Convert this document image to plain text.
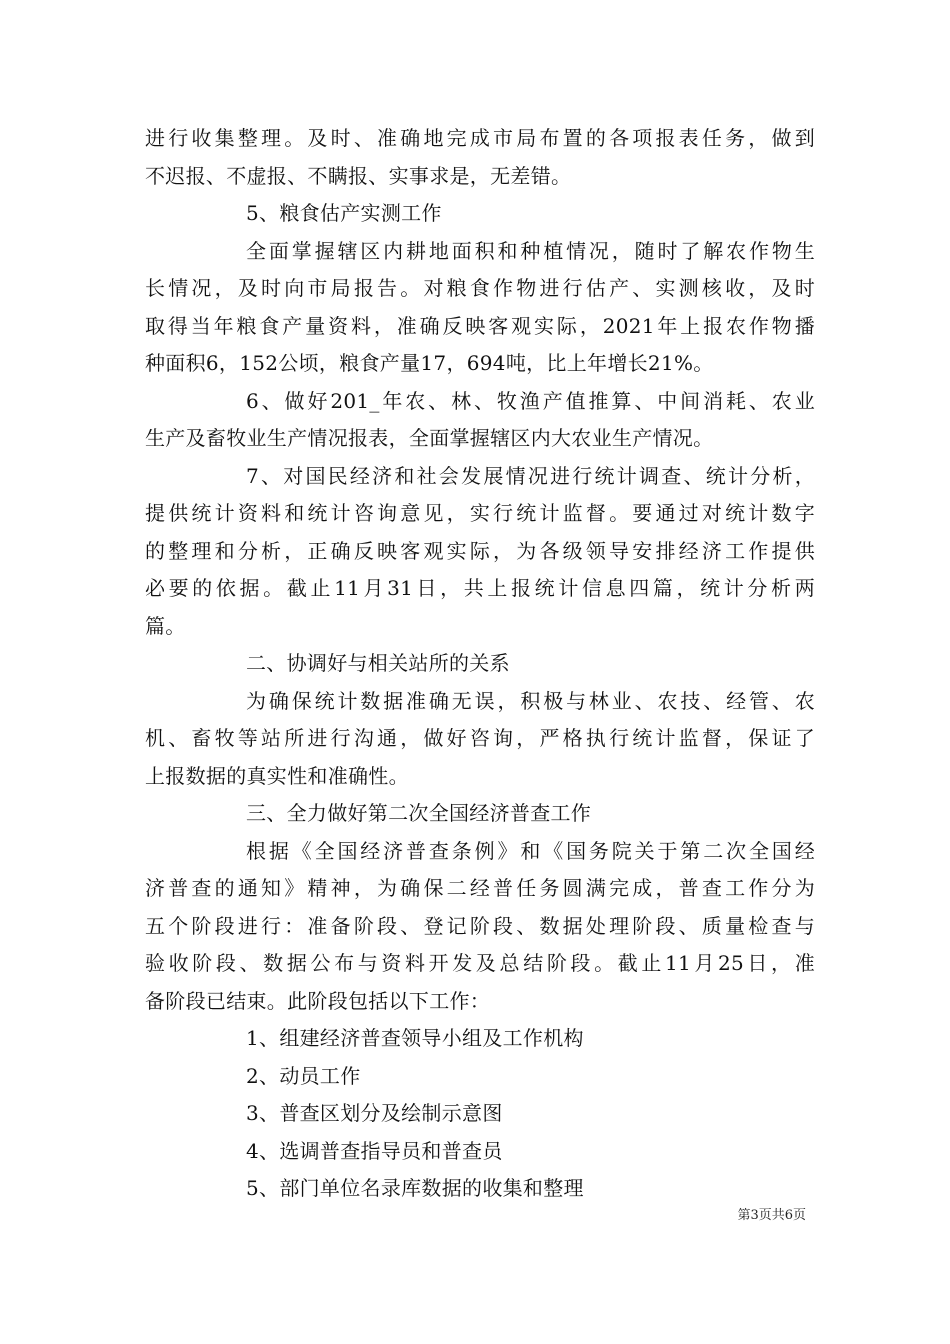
进行收集整理。及时、准确地完成市局布置的各项报表任务，做到
不迟报、不虚报、不瞒报、实事求是，无差错。
5、粮食估产实测工作
全面掌握辖区内耕地面积和种植情况，随时了解农作物生
长情况，及时向市局报告。对粮食作物进行估产、实测核收，及时
取得当年粮食产量资料，准确反映客观实际，2021年上报农作物播
种面积6，152公顷，粮食产量17，694吨，比上年增长21%。
6、做好201_年农、林、牧渔产值推算、中间消耗、农业
生产及畜牧业生产情况报表，全面掌握辖区内大农业生产情况。
7、对国民经济和社会发展情况进行统计调查、统计分析，
提供统计资料和统计咨询意见，实行统计监督。要通过对统计数字
的整理和分析，正确反映客观实际，为各级领导安排经济工作提供
必要的依据。截止11月31日，共上报统计信息四篇，统计分析两
篇。
二、协调好与相关站所的关系
为确保统计数据准确无误，积极与林业、农技、经管、农
机、畜牧等站所进行沟通，做好咨询，严格执行统计监督，保证了
上报数据的真实性和准确性。
三、全力做好第二次全国经济普查工作
根据《全国经济普查条例》和《国务院关于第二次全国经
济普查的通知》精神，为确保二经普任务圆满完成，普查工作分为
五个阶段进行：准备阶段、登记阶段、数据处理阶段、质量检查与
验收阶段、数据公布与资料开发及总结阶段。截止11月25日，准
备阶段已结束。此阶段包括以下工作：
1、组建经济普查领导小组及工作机构
2、动员工作
3、普查区划分及绘制示意图
4、选调普查指导员和普查员
5、部门单位名录库数据的收集和整理
第3页共6页
